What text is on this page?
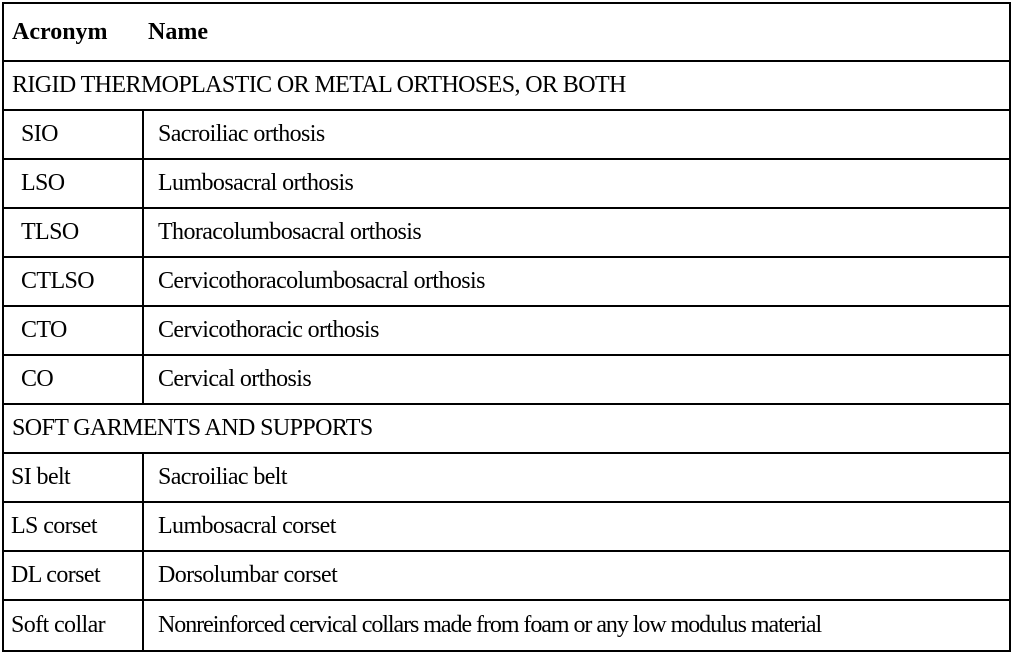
Acronym Name	
RIGID THERMOPLASTIC OR METAL ORTHOSES, OR BOTH	
SIO	Sacroiliac orthosis
LSO	Lumbosacral orthosis
TLSO	Thoracolumbosacral orthosis
CTLSO	Cervicothoracolumbosacral orthosis
CTO	Cervicothoracic orthosis
CO	Cervical orthosis
SOFT GARMENTS AND SUPPORTS	
SI belt	Sacroiliac belt
LS corset	Lumbosacral corset
DL corset	Dorsolumbar corset
Soft collar	Nonreinforced cervical collars made from foam or any low modulus material
